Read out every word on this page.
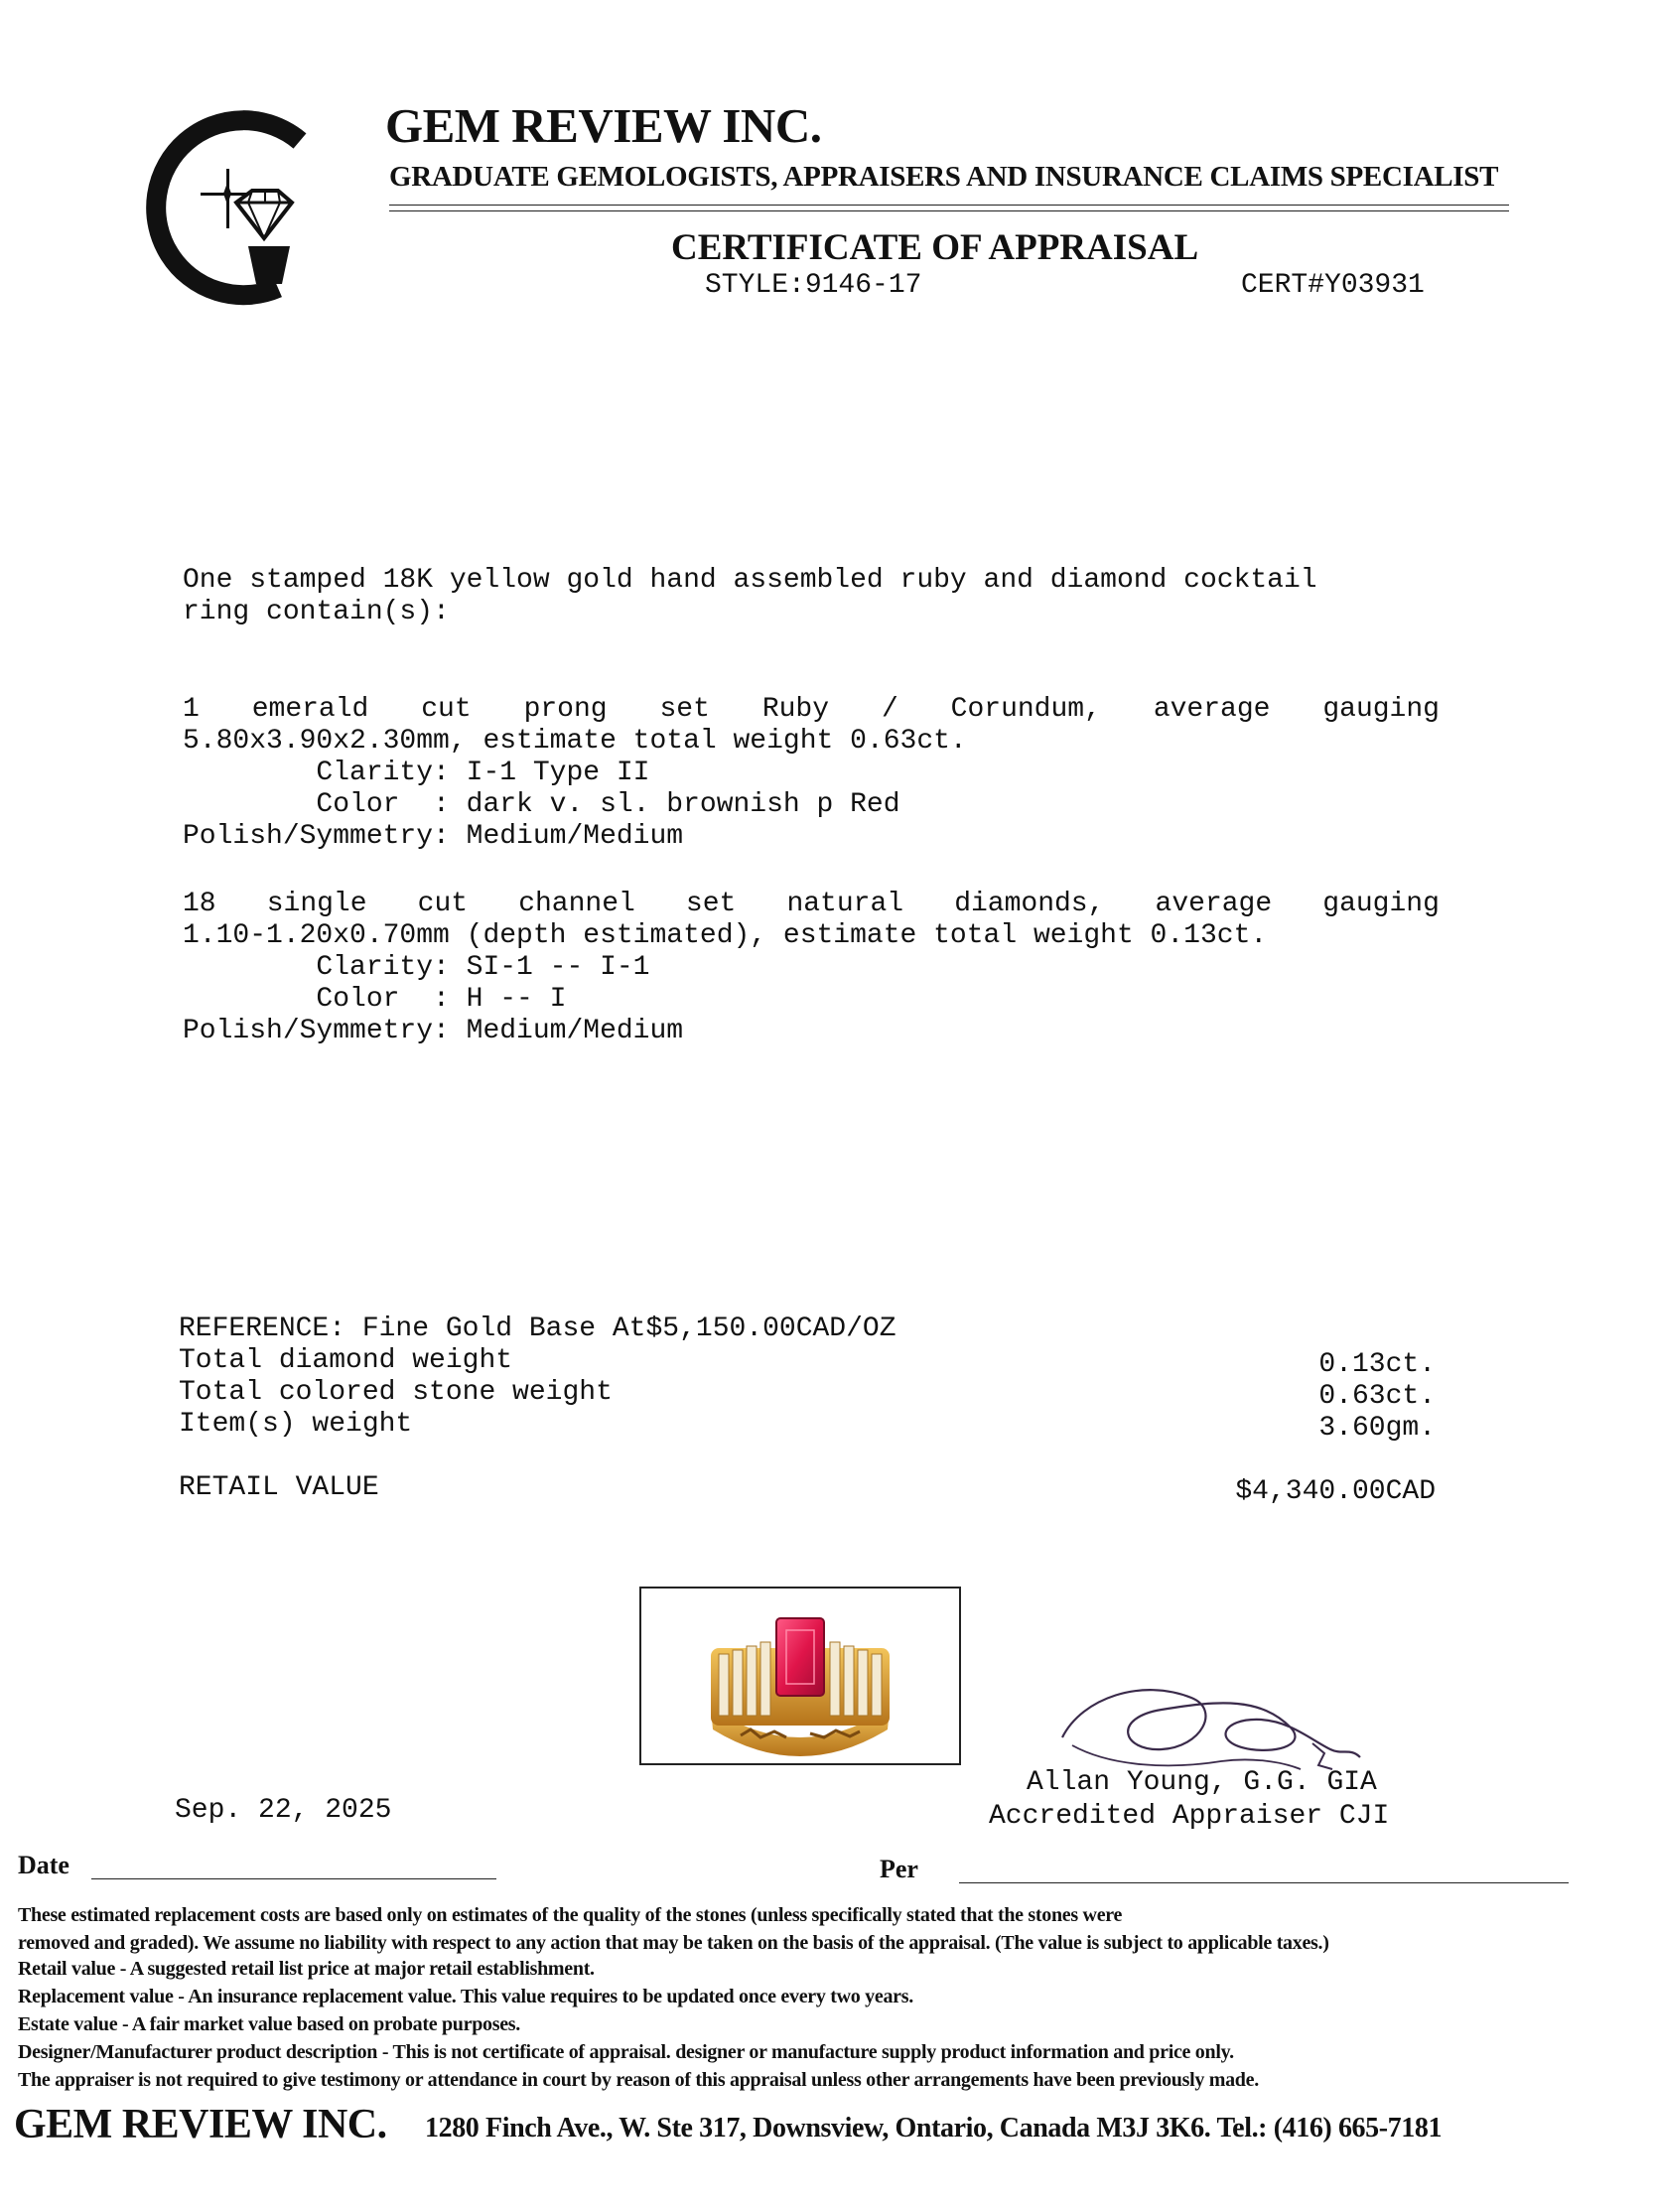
GEM REVIEW INC.
GRADUATE GEMOLOGISTS, APPRAISERS AND INSURANCE CLAIMS SPECIALIST
CERTIFICATE OF APPRAISAL
STYLE:9146-17	CERT#Y03931
One stamped 18K yellow gold hand assembled ruby and diamond cocktail
ring contain(s):
1 emerald cut prong set Ruby / Corundum, average gauging
5.80x3.90x2.30mm, estimate total weight 0.63ct.
Clarity: I-1 Type II
Color  : dark v. sl. brownish p Red
Polish/Symmetry: Medium/Medium
18 single cut channel set natural diamonds, average gauging
1.10-1.20x0.70mm (depth estimated), estimate total weight 0.13ct.
Clarity: SI-1 -- I-1
Color  : H -- I
Polish/Symmetry: Medium/Medium
REFERENCE: Fine Gold Base At$5,150.00CAD/OZ
Total diamond weight	0.13ct.
Total colored stone weight	0.63ct.
Item(s) weight	3.60gm.
RETAIL VALUE	$4,340.00CAD
Sep. 22, 2025
Allan Young, G.G. GIA
Accredited Appraiser CJI
Date	Per
These estimated replacement costs are based only on estimates of the quality of the stones (unless specifically stated that the stones were
removed and graded). We assume no liability with respect to any action that may be taken on the basis of the appraisal. (The value is subject to applicable taxes.)
Retail value - A suggested retail list price at major retail establishment.
Replacement value - An insurance replacement value. This value requires to be updated once every two years.
Estate value - A fair market value based on probate purposes.
Designer/Manufacturer product description - This is not certificate of appraisal. designer or manufacture supply product information and price only.
The appraiser is not required to give testimony or attendance in court by reason of this appraisal unless other arrangements have been previously made.
GEM REVIEW INC. 1280 Finch Ave., W. Ste 317, Downsview, Ontario, Canada M3J 3K6. Tel.: (416) 665-7181
